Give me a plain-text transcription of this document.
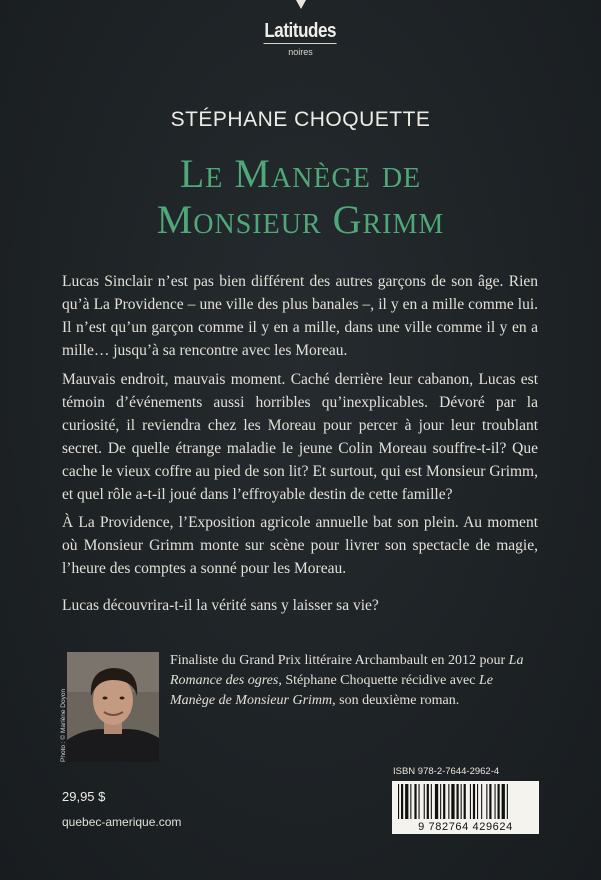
Latitudes
noires
STÉPHANE CHOQUETTE
Le Manège de
Monsieur Grimm

Lucas Sinclair n’est pas bien différent des autres garçons de son âge. Rien qu’à La Providence – une ville des plus banales –, il y en a mille comme lui. Il n’est qu’un garçon comme il y en a mille, dans une ville comme il y en a mille… jusqu’à sa rencontre avec les Moreau.

Mauvais endroit, mauvais moment. Caché derrière leur cabanon, Lucas est témoin d’événements aussi horribles qu’inexplicables. Dévoré par la curiosité, il reviendra chez les Moreau pour percer à jour leur troublant secret. De quelle étrange maladie le jeune Colin Moreau souffre-t-il? Que cache le vieux coffre au pied de son lit? Et surtout, qui est Monsieur Grimm, et quel rôle a-t-il joué dans l’effroyable destin de cette famille?

À La Providence, l’Exposition agricole annuelle bat son plein. Au moment où Monsieur Grimm monte sur scène pour livrer son spectacle de magie, l’heure des comptes a sonné pour les Moreau.

Lucas découvrira-t-il la vérité sans y laisser sa vie?

Photo : © Marlène Doyon

Finaliste du Grand Prix littéraire Archambault en 2012 pour La Romance des ogres, Stéphane Choquette récidive avec Le Manège de Monsieur Grimm, son deuxième roman.

29,95 $
quebec-amerique.com
ISBN 978-2-7644-2962-4
9 782764 429624
